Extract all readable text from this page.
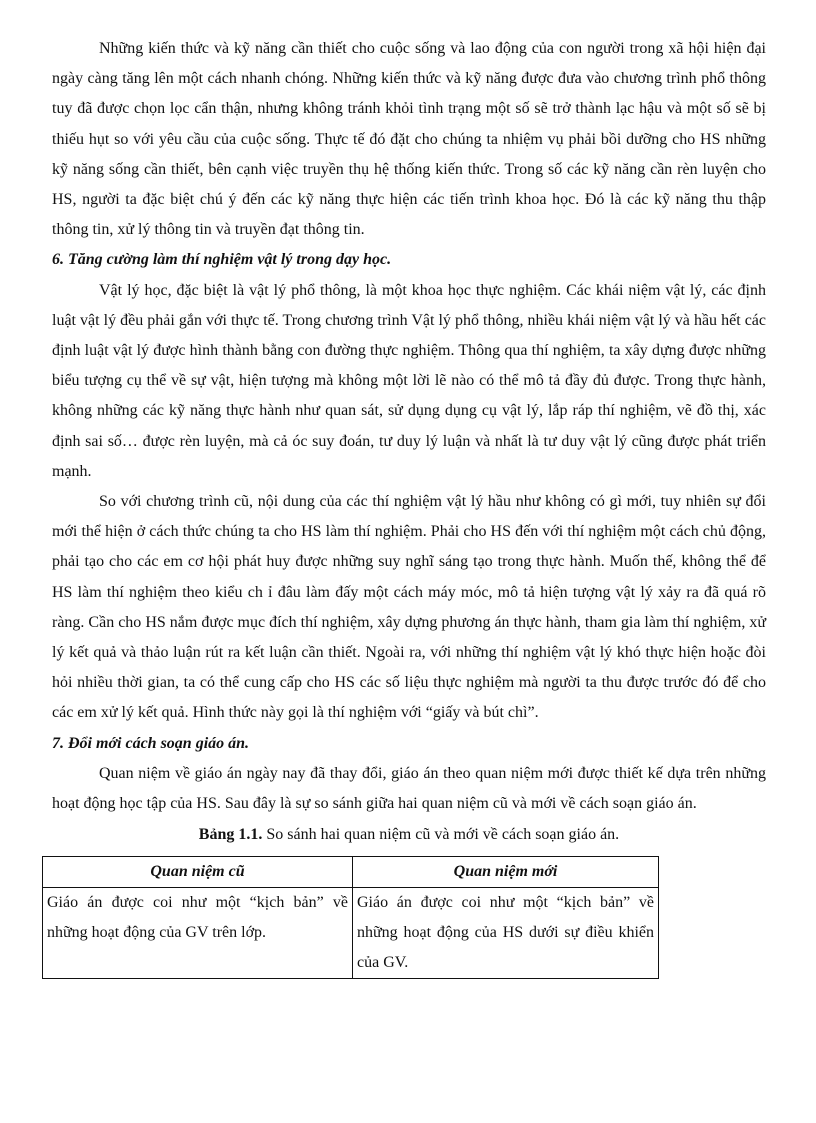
Những kiến thức và kỹ năng cần thiết cho cuộc sống và lao động của con người trong xã hội hiện đại ngày càng tăng lên một cách nhanh chóng. Những kiến thức và kỹ năng được đưa vào chương trình phổ thông tuy đã được chọn lọc cẩn thận, nhưng không tránh khỏi tình trạng một số sẽ trở thành lạc hậu và một số sẽ bị thiếu hụt so với yêu cầu của cuộc sống. Thực tế đó đặt cho chúng ta nhiệm vụ phải bồi dưỡng cho HS những kỹ năng sống cần thiết, bên cạnh việc truyền thụ hệ thống kiến thức. Trong số các kỹ năng cần rèn luyện cho HS, người ta đặc biệt chú ý đến các kỹ năng thực hiện các tiến trình khoa học. Đó là các kỹ năng thu thập thông tin, xử lý thông tin và truyền đạt thông tin.

6. Tăng cường làm thí nghiệm vật lý trong dạy học.

Vật lý học, đặc biệt là vật lý phổ thông, là một khoa học thực nghiệm. Các khái niệm vật lý, các định luật vật lý đều phải gắn với thực tế. Trong chương trình Vật lý phổ thông, nhiều khái niệm vật lý và hầu hết các định luật vật lý được hình thành bằng con đường thực nghiệm. Thông qua thí nghiệm, ta xây dựng được những biểu tượng cụ thể về sự vật, hiện tượng mà không một lời lẽ nào có thể mô tả đầy đủ được. Trong thực hành, không những các kỹ năng thực hành như quan sát, sử dụng dụng cụ vật lý, lắp ráp thí nghiệm, vẽ đồ thị, xác định sai số… được rèn luyện, mà cả óc suy đoán, tư duy lý luận và nhất là tư duy vật lý cũng được phát triển mạnh.

So với chương trình cũ, nội dung của các thí nghiệm vật lý hầu như không có gì mới, tuy nhiên sự đổi mới thể hiện ở cách thức chúng ta cho HS làm thí nghiệm. Phải cho HS đến với thí nghiệm một cách chủ động, phải tạo cho các em cơ hội phát huy được những suy nghĩ sáng tạo trong thực hành. Muốn thế, không thể để HS làm thí nghiệm theo kiểu ch ỉ đâu làm đấy một cách máy móc, mô tả hiện tượng vật lý xảy ra đã quá rõ ràng. Cần cho HS nắm được mục đích thí nghiệm, xây dựng phương án thực hành, tham gia làm thí nghiệm, xử lý kết quả và thảo luận rút ra kết luận cần thiết. Ngoài ra, với những thí nghiệm vật lý khó thực hiện hoặc đòi hỏi nhiều thời gian, ta có thể cung cấp cho HS các số liệu thực nghiệm mà người ta thu được trước đó để cho các em xử lý kết quả. Hình thức này gọi là thí nghiệm với “giấy và bút chì”.

7. Đổi mới cách soạn giáo án.

Quan niệm về giáo án ngày nay đã thay đổi, giáo án theo quan niệm mới được thiết kế dựa trên những hoạt động học tập của HS. Sau đây là sự so sánh giữa hai quan niệm cũ và mới về cách soạn giáo án.

Bảng 1.1. So sánh hai quan niệm cũ và mới về cách soạn giáo án.

Quan niệm cũ	Quan niệm mới
Giáo án được coi như một “kịch bản” về những hoạt động của GV trên lớp.	Giáo án được coi như một “kịch bản” về những hoạt động của HS dưới sự điều khiển của GV.
